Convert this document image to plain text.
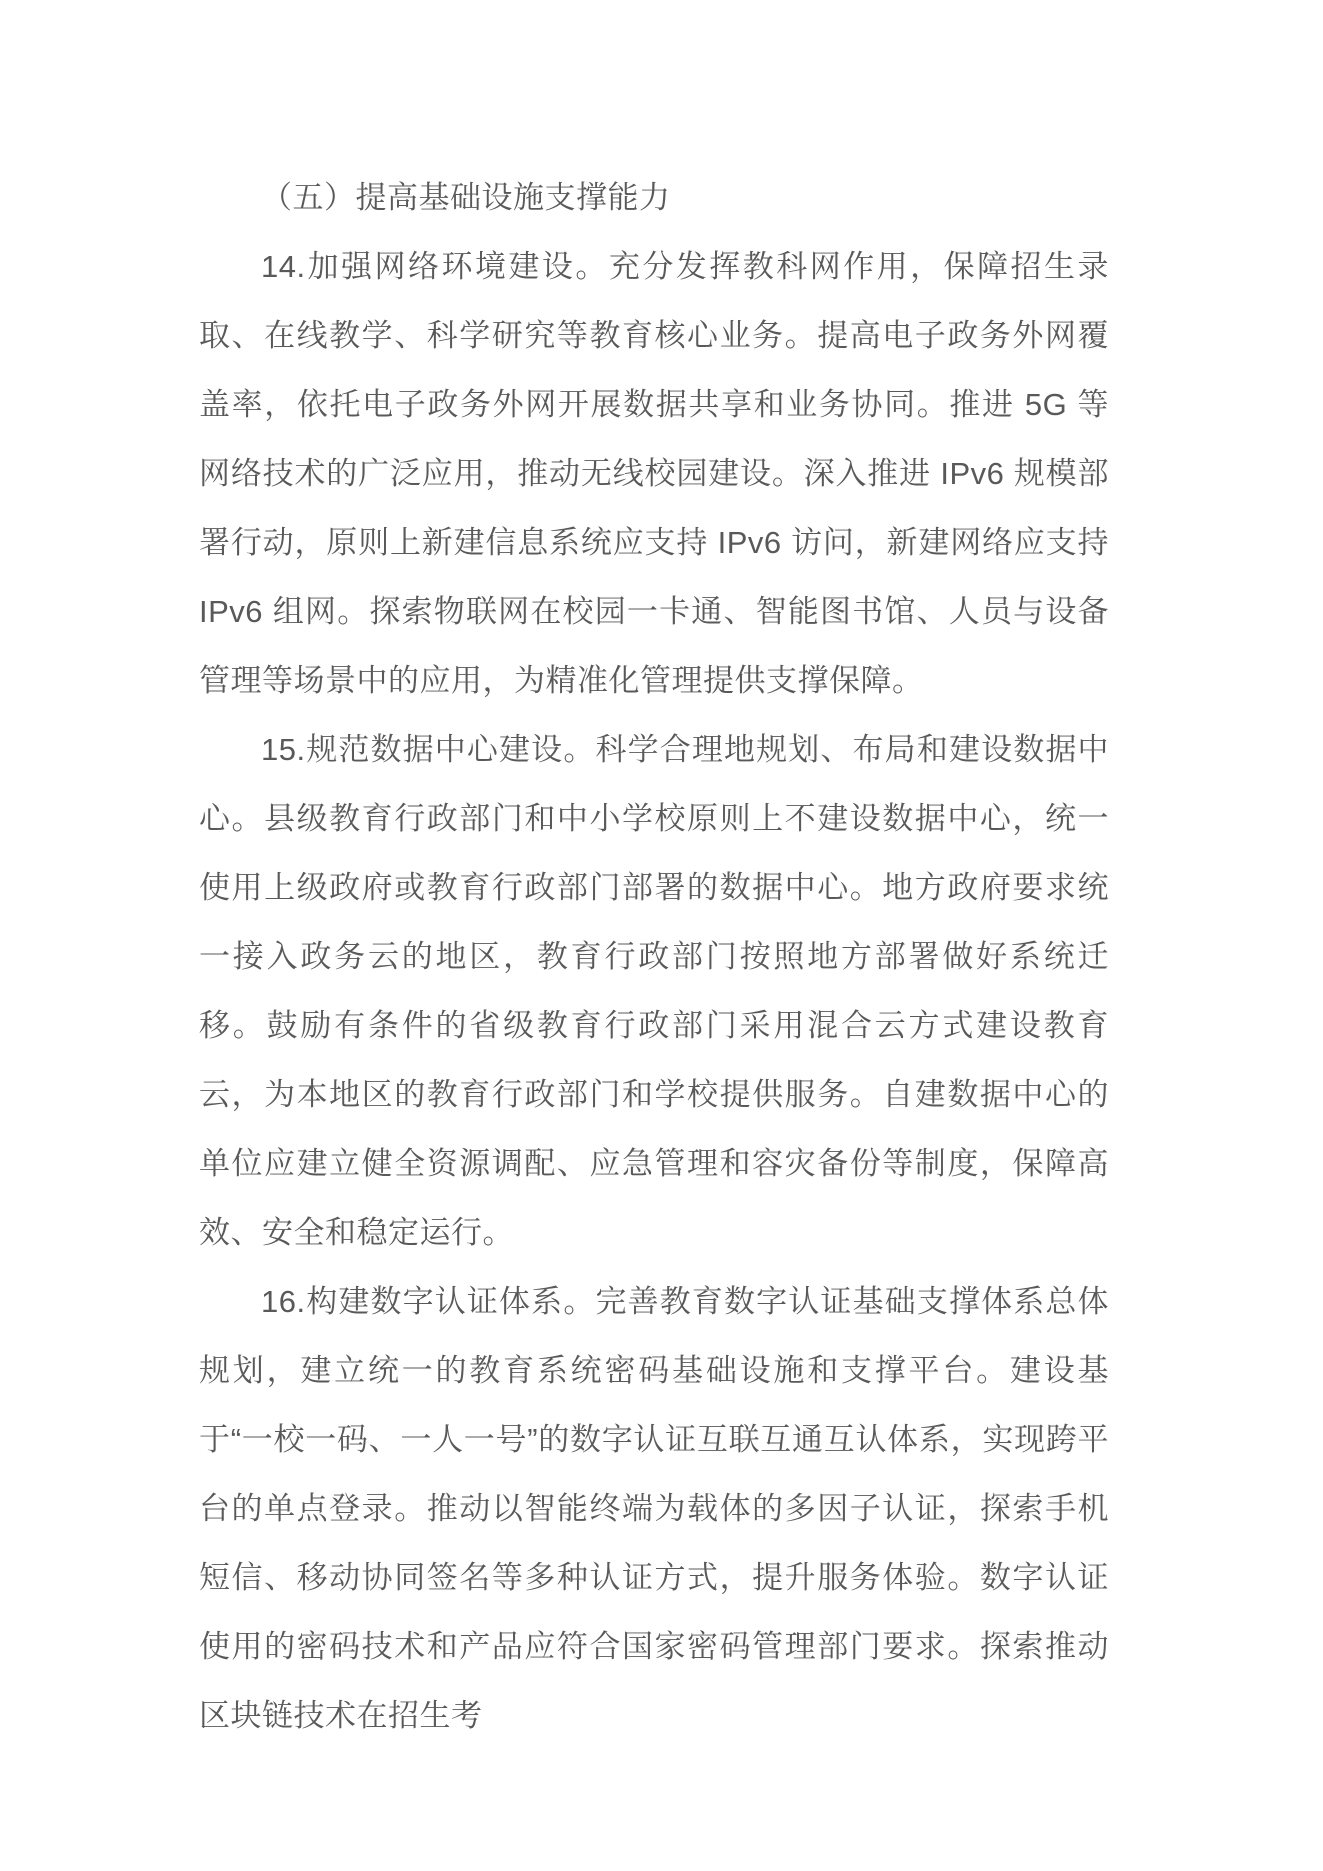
（五）提高基础设施支撑能力

14.加强网络环境建设。充分发挥教科网作用，保障招生录取、在线教学、科学研究等教育核心业务。提高电子政务外网覆盖率，依托电子政务外网开展数据共享和业务协同。推进 5G 等网络技术的广泛应用，推动无线校园建设。深入推进 IPv6 规模部署行动，原则上新建信息系统应支持 IPv6 访问，新建网络应支持 IPv6 组网。探索物联网在校园一卡通、智能图书馆、人员与设备管理等场景中的应用，为精准化管理提供支撑保障。

15.规范数据中心建设。科学合理地规划、布局和建设数据中心。县级教育行政部门和中小学校原则上不建设数据中心，统一使用上级政府或教育行政部门部署的数据中心。地方政府要求统一接入政务云的地区，教育行政部门按照地方部署做好系统迁移。鼓励有条件的省级教育行政部门采用混合云方式建设教育云，为本地区的教育行政部门和学校提供服务。自建数据中心的单位应建立健全资源调配、应急管理和容灾备份等制度，保障高效、安全和稳定运行。

16.构建数字认证体系。完善教育数字认证基础支撑体系总体规划，建立统一的教育系统密码基础设施和支撑平台。建设基于“一校一码、一人一号”的数字认证互联互通互认体系，实现跨平台的单点登录。推动以智能终端为载体的多因子认证，探索手机短信、移动协同签名等多种认证方式，提升服务体验。数字认证使用的密码技术和产品应符合国家密码管理部门要求。探索推动区块链技术在招生考
